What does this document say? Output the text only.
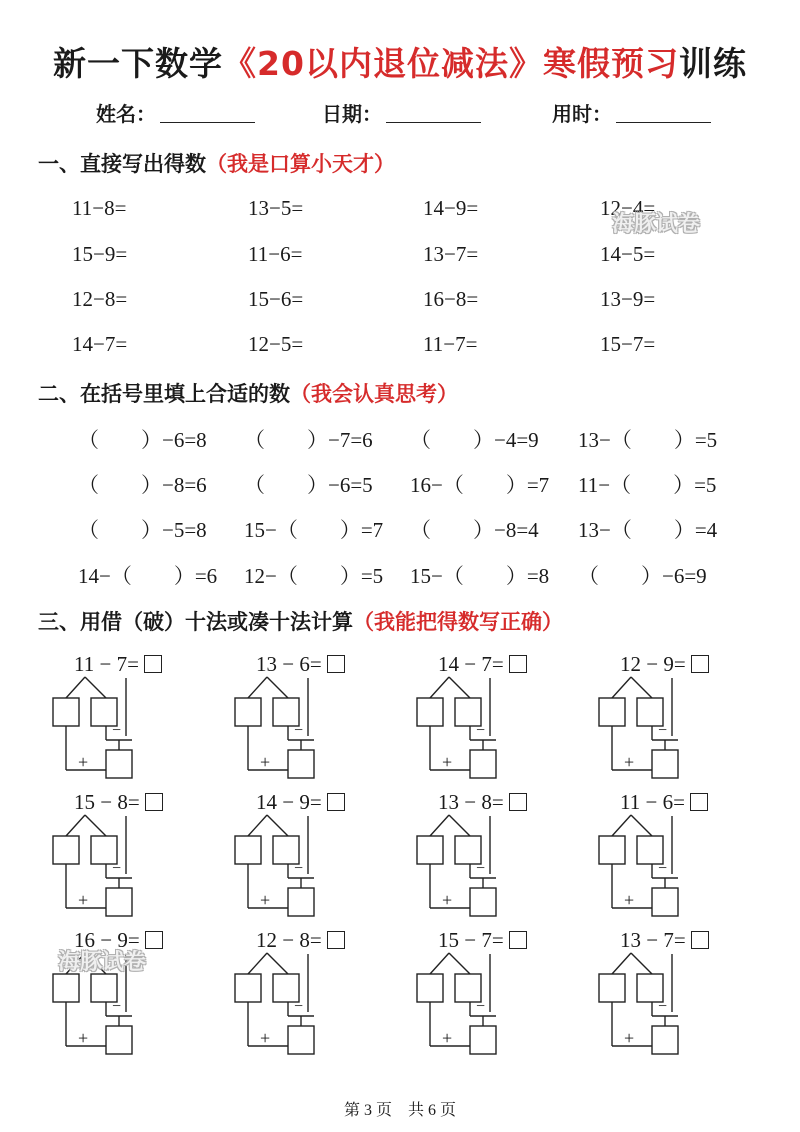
新一下数学《20以内退位减法》寒假预习训练
姓名：	日期：	用时：
一、直接写出得数（我是口算小天才）
11−8=	13−5=	14−9=	12−4=
15−9=	11−6=	13−7=	14−5=
12−8=	15−6=	16−8=	13−9=
14−7=	12−5=	11−7=	15−7=
二、在括号里填上合适的数（我会认真思考）
（　　）−6=8 （　　）−7=6 （　　）−4=9 13−（　　）=5
（　　）−8=6 （　　）−6=5 16−（　　）=7 11−（　　）=5
（　　）−5=8 15−（　　）=7 （　　）−8=4 13−（　　）=4
14−（　　）=6 12−（　　）=5 15−（　　）=8 （　　）−6=9
三、用借（破）十法或凑十法计算（我能把得数写正确）
11 − 7=
−
+
13 − 6=
−
+
14 − 7=
−
+
12 − 9=
−
+
15 − 8=
−
+
14 − 9=
−
+
13 − 8=
−
+
11 − 6=
−
+
16 − 9=
−
+
12 − 8=
−
+
15 − 7=
−
+
13 − 7=
−
+
海豚试卷
海豚试卷
第 3 页　共 6 页
